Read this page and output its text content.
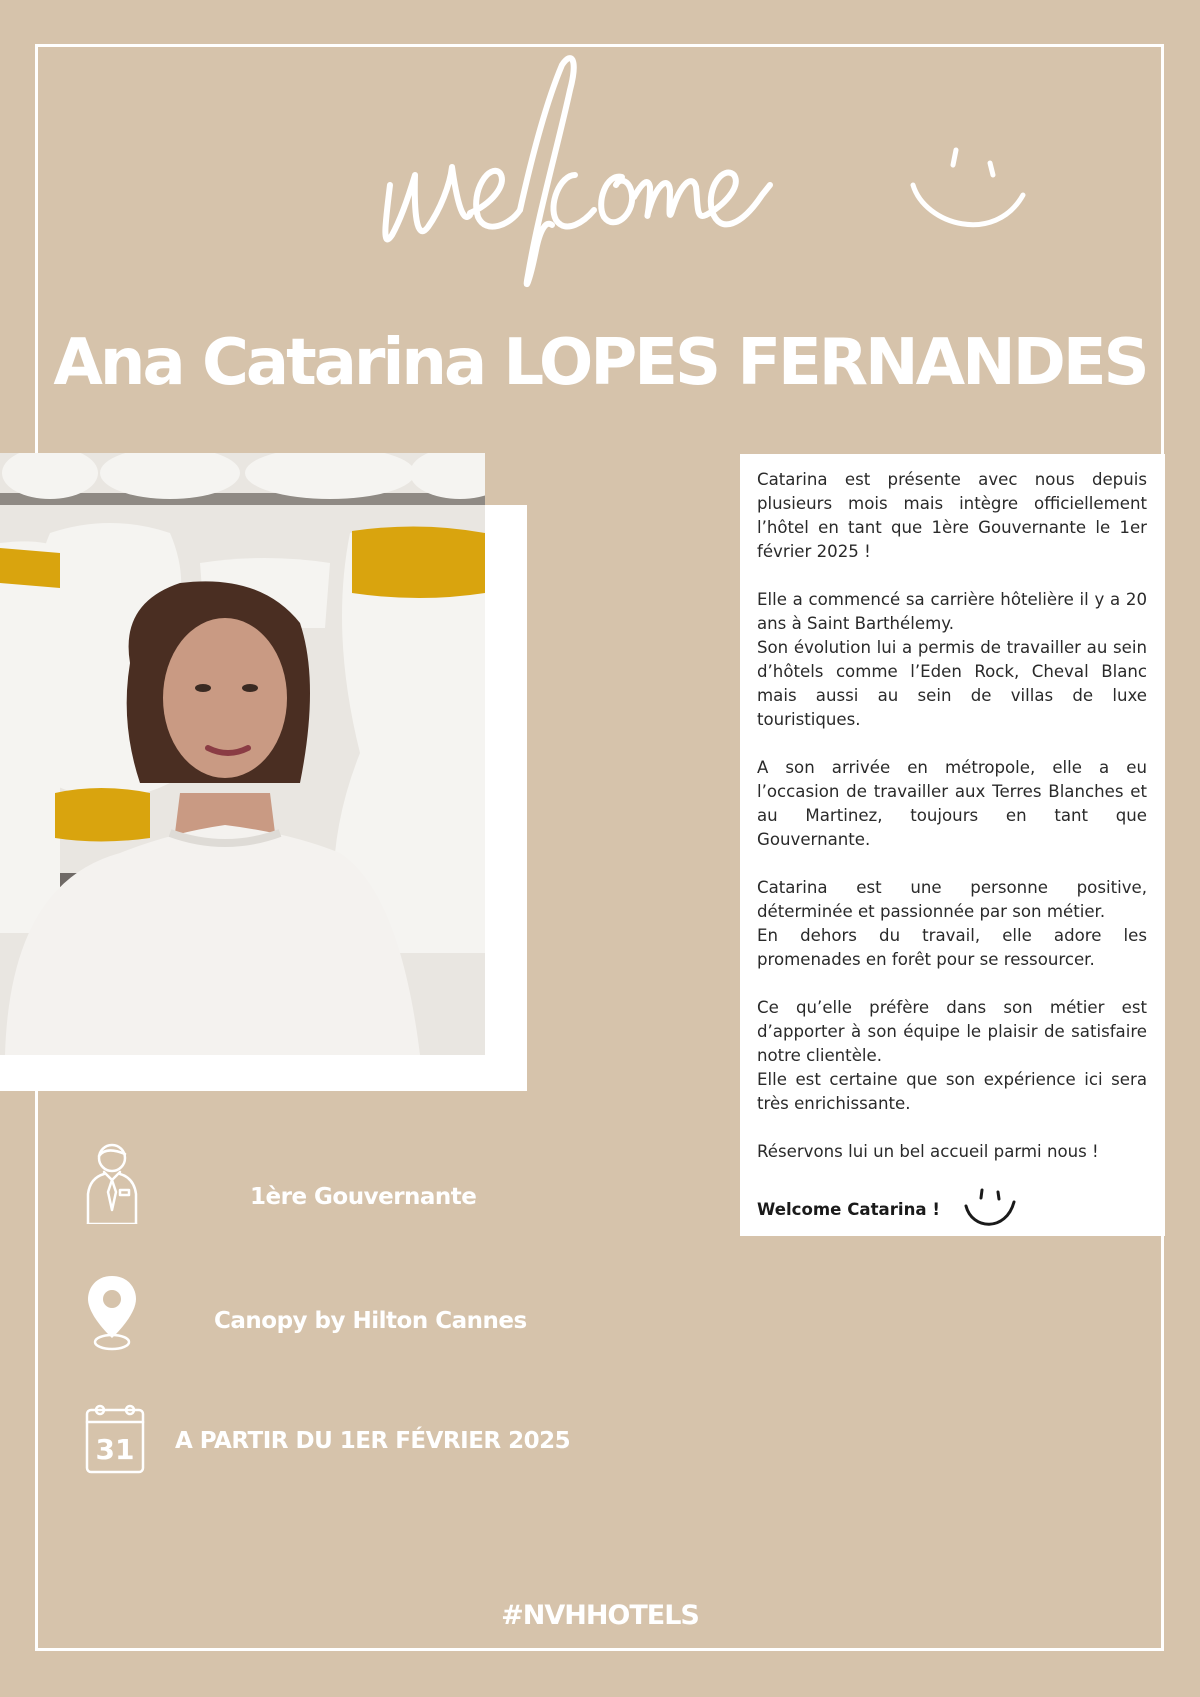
Ana Catarina LOPES FERNANDES

Catarina est présente avec nous depuis plusieurs mois mais intègre officiellement l’hôtel en tant que 1ère Gouvernante le 1er février 2025 !

Elle a commencé sa carrière hôtelière il y a 20 ans à Saint Barthélemy.
Son évolution lui a permis de travailler au sein d’hôtels comme l’Eden Rock, Cheval Blanc mais aussi au sein de villas de luxe touristiques.

A son arrivée en métropole, elle a eu l’occasion de travailler aux Terres Blanches et au Martinez, toujours en tant que Gouvernante.

Catarina est une personne positive, déterminée et passionnée par son métier.
En dehors du travail, elle adore les promenades en forêt pour se ressourcer.

Ce qu’elle préfère dans son métier est d’apporter à son équipe le plaisir de satisfaire notre clientèle.
Elle est certaine que son expérience ici sera très enrichissante.

Réservons lui un bel accueil parmi nous !

Welcome Catarina !
1ère Gouvernante
Canopy by Hilton Cannes
31 A PARTIR DU 1ER FÉVRIER 2025
#NVHHOTELS
